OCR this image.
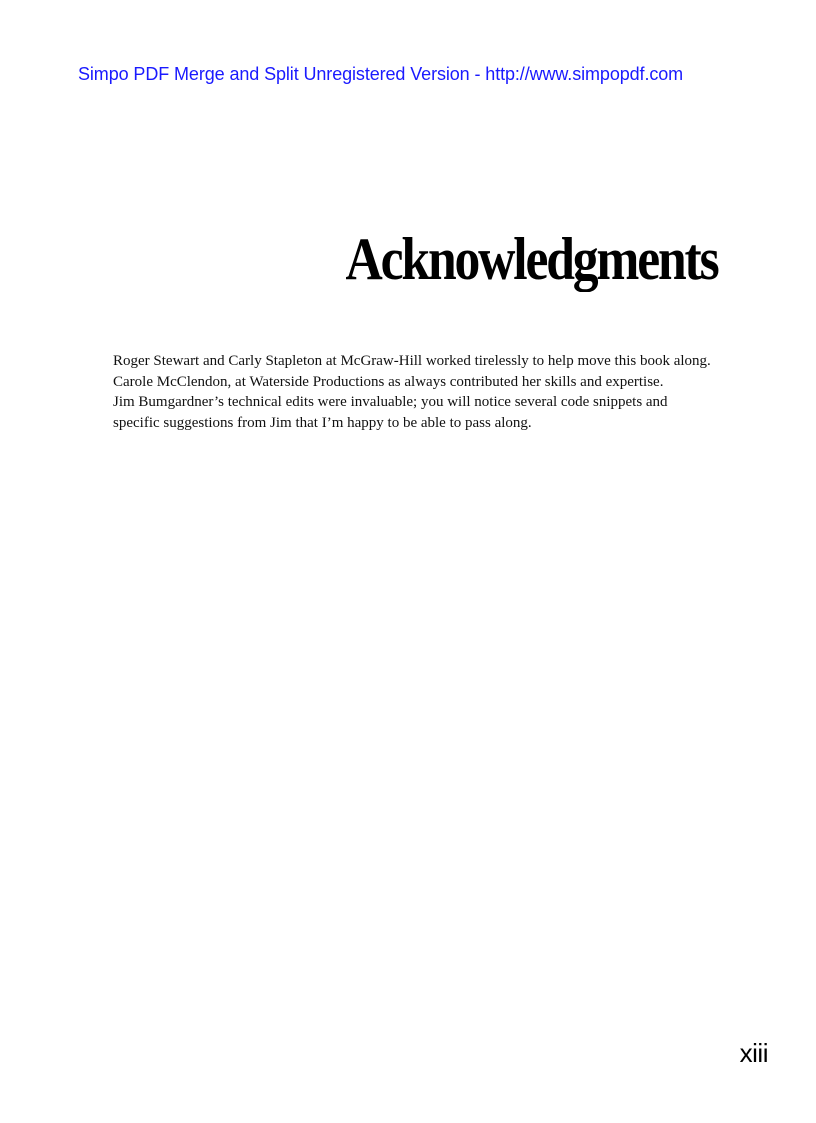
Simpo PDF Merge and Split Unregistered Version - http://www.simpopdf.com
Acknowledgments
Roger Stewart and Carly Stapleton at McGraw-Hill worked tirelessly to help move this book along.
Carole McClendon, at Waterside Productions as always contributed her skills and expertise.
Jim Bumgardner’s technical edits were invaluable; you will notice several code snippets and
specific suggestions from Jim that I’m happy to be able to pass along.
xiii
